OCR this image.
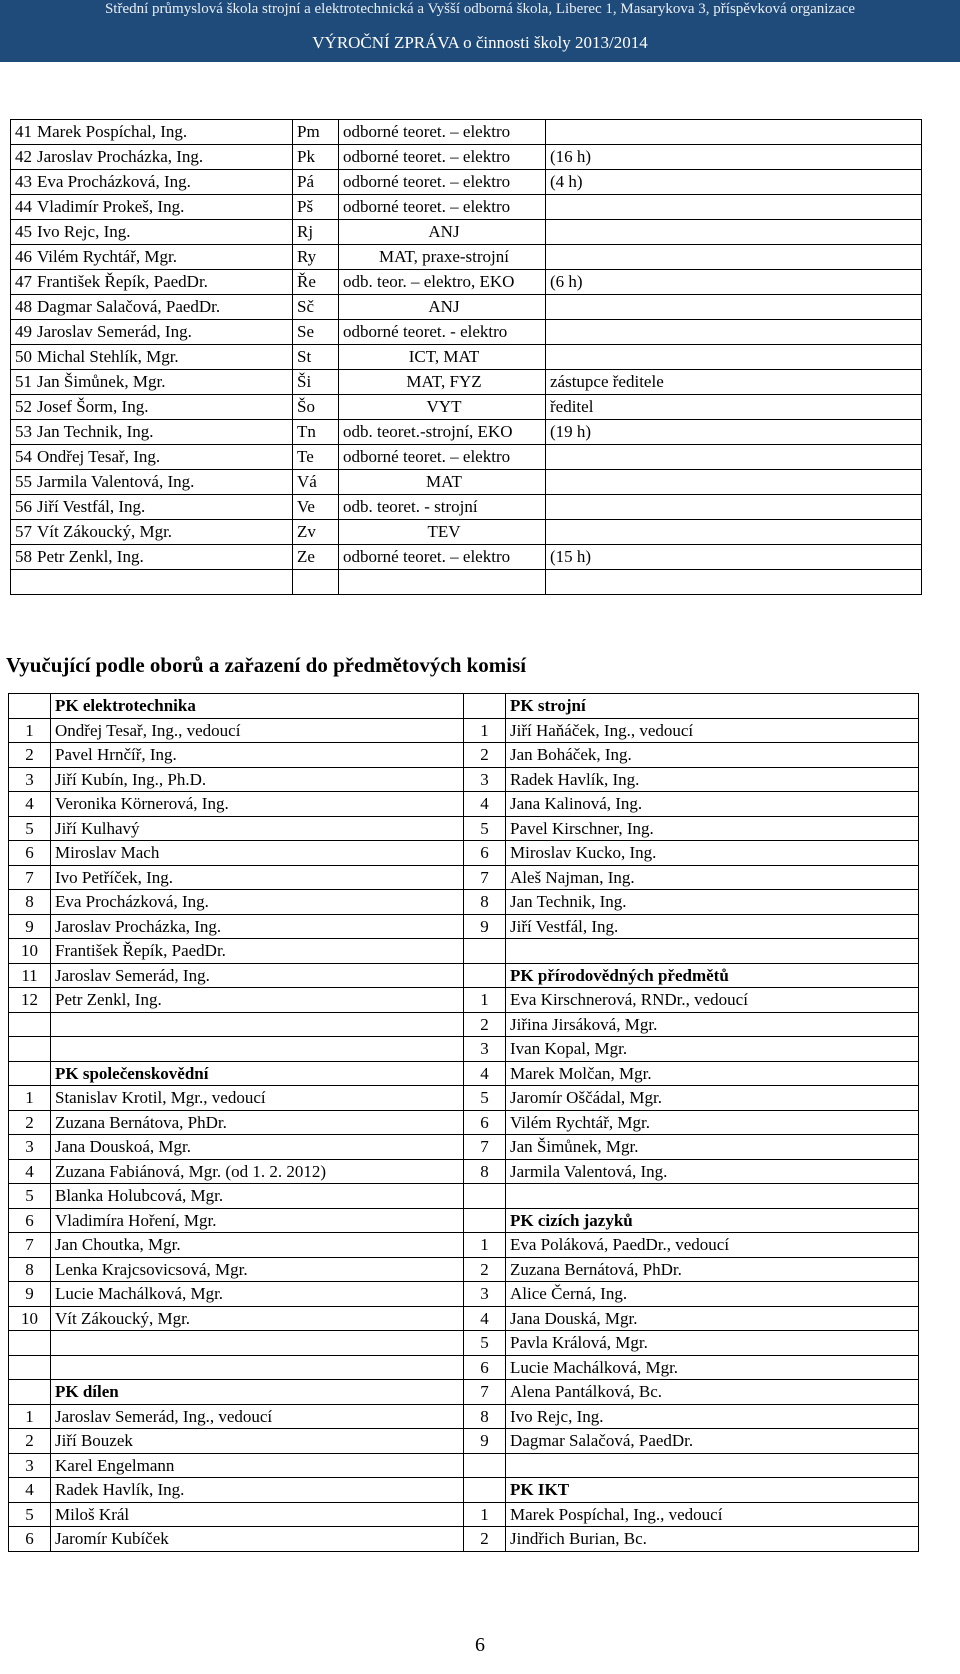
Střední průmyslová škola strojní a elektrotechnická a Vyšší odborná škola, Liberec 1, Masarykova 3, příspěvková organizace
VÝROČNÍ ZPRÁVA o činnosti školy 2013/2014
41	Marek Pospíchal, Ing.	Pm	odborné teoret. – elektro	
42	Jaroslav Procházka, Ing.	Pk	odborné teoret. – elektro	(16 h)
43	Eva Procházková, Ing.	Pá	odborné teoret. – elektro	(4 h)
44	Vladimír Prokeš, Ing.	Pš	odborné teoret. – elektro	
45	Ivo Rejc, Ing.	Rj	ANJ	
46	Vilém Rychtář, Mgr.	Ry	MAT, praxe-strojní	
47	František Řepík, PaedDr.	Ře	odb. teor. – elektro, EKO	(6 h)
48	Dagmar Salačová, PaedDr.	Sč	ANJ	
49	Jaroslav Semerád, Ing.	Se	odborné teoret. - elektro	
50	Michal Stehlík, Mgr.	St	ICT, MAT	
51	Jan Šimůnek, Mgr.	Ši	MAT, FYZ	zástupce ředitele
52	Josef Šorm, Ing.	Šo	VYT	ředitel
53	Jan Technik, Ing.	Tn	odb. teoret.-strojní, EKO	(19 h)
54	Ondřej Tesař, Ing.	Te	odborné teoret. – elektro	
55	Jarmila Valentová, Ing.	Vá	MAT	
56	Jiří Vestfál, Ing.	Ve	odb. teoret. - strojní	
57	Vít Zákoucký, Mgr.	Zv	TEV	
58	Petr Zenkl, Ing.	Ze	odborné teoret. – elektro	(15 h)

Vyučující podle oborů a zařazení do předmětových komisí
	PK elektrotechnika		PK strojní
1	Ondřej Tesař, Ing., vedoucí	1	Jiří Haňáček, Ing., vedoucí
2	Pavel Hrnčíř, Ing.	2	Jan Boháček, Ing.
3	Jiří Kubín, Ing., Ph.D.	3	Radek Havlík, Ing.
4	Veronika Körnerová, Ing.	4	Jana Kalinová, Ing.
5	Jiří Kulhavý	5	Pavel Kirschner, Ing.
6	Miroslav Mach	6	Miroslav Kucko, Ing.
7	Ivo Petříček, Ing.	7	Aleš Najman, Ing.
8	Eva Procházková, Ing.	8	Jan Technik, Ing.
9	Jaroslav Procházka, Ing.	9	Jiří Vestfál, Ing.
10	František Řepík, PaedDr.		
11	Jaroslav Semerád, Ing.		PK přírodovědných předmětů
12	Petr Zenkl, Ing.	1	Eva Kirschnerová, RNDr., vedoucí
		2	Jiřina Jirsáková, Mgr.
		3	Ivan Kopal, Mgr.
	PK společenskovědní	4	Marek Molčan, Mgr.
1	Stanislav Krotil, Mgr., vedoucí	5	Jaromír Oščádal, Mgr.
2	Zuzana Bernátova, PhDr.	6	Vilém Rychtář, Mgr.
3	Jana Douskoá, Mgr.	7	Jan Šimůnek, Mgr.
4	Zuzana Fabiánová, Mgr. (od 1. 2. 2012)	8	Jarmila Valentová, Ing.
5	Blanka Holubcová, Mgr.		
6	Vladimíra Hoření, Mgr.		PK cizích jazyků
7	Jan Choutka, Mgr.	1	Eva Poláková, PaedDr., vedoucí
8	Lenka Krajcsovicsová, Mgr.	2	Zuzana Bernátová, PhDr.
9	Lucie Machálková, Mgr.	3	Alice Černá, Ing.
10	Vít Zákoucký, Mgr.	4	Jana Douská, Mgr.
		5	Pavla Králová, Mgr.
		6	Lucie Machálková, Mgr.
	PK dílen	7	Alena Pantálková, Bc.
1	Jaroslav Semerád, Ing., vedoucí	8	Ivo Rejc, Ing.
2	Jiří Bouzek	9	Dagmar Salačová, PaedDr.
3	Karel Engelmann		
4	Radek Havlík, Ing.		PK IKT
5	Miloš Král	1	Marek Pospíchal, Ing., vedoucí
6	Jaromír Kubíček	2	Jindřich Burian, Bc.
6
